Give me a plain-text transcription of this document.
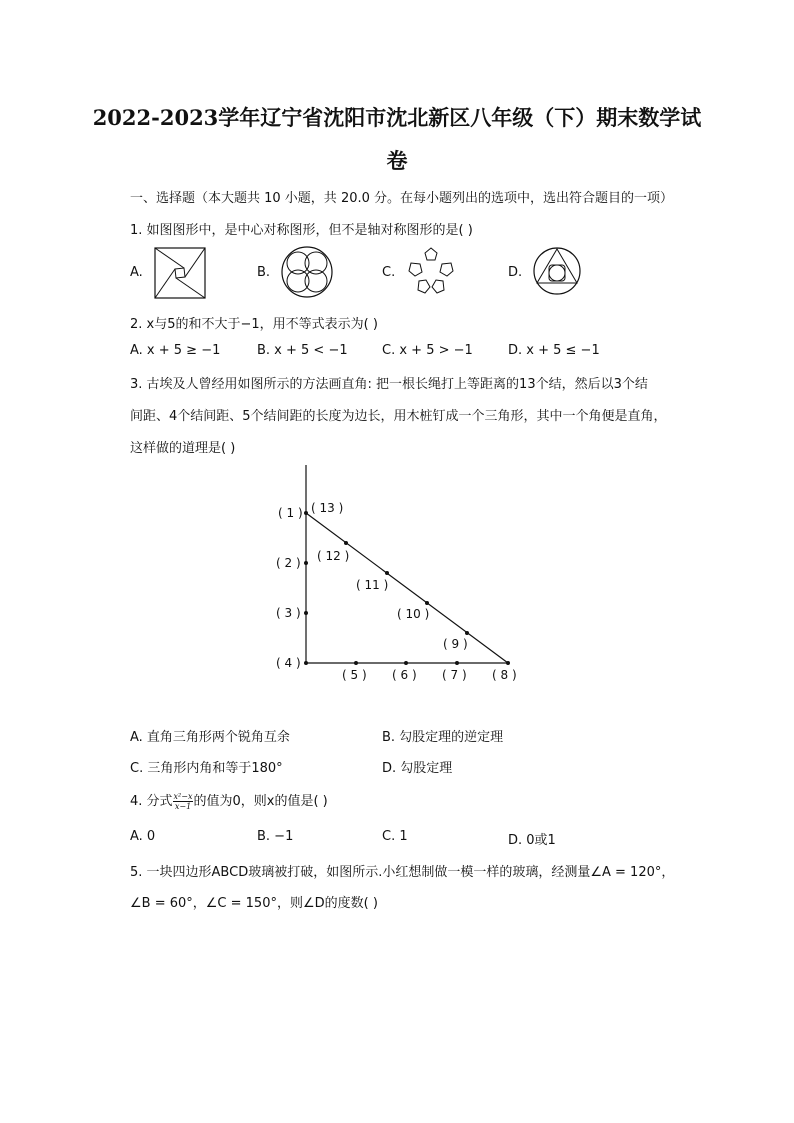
2022-2023学年辽宁省沈阳市沈北新区八年级（下）期末数学试
卷
一、选择题（本大题共 10 小题，共 20.0 分。在每小题列出的选项中，选出符合题目的一项）
1. 如图图形中，是中心对称图形，但不是轴对称图形的是( )
A.	B.	C.	D.
2. x与5的和不大于−1，用不等式表示为( )
A. x + 5 ≥ −1	B. x + 5 < −1	C. x + 5 > −1	D. x + 5 ≤ −1
3. 古埃及人曾经用如图所示的方法画直角: 把一根长绳打上等距离的13个结，然后以3个结
间距、4个结间距、5个结间距的长度为边长，用木桩钉成一个三角形，其中一个角便是直角，
这样做的道理是( )
( 1 ) ( 13 )
( 2 ) ( 12 )
( 11 )
( 3 )	( 10 )
( 9 )
( 4 )
( 5 ) ( 6 ) ( 7 ) ( 8 )
A. 直角三角形两个锐角互余	B. 勾股定理的逆定理
C. 三角形内角和等于180°	D. 勾股定理
4. 分式 $\frac{\text{x²−x}}{x-1}$ 的值为0，则x的值是( )
A. 0	B. −1	C. 1	D. 0或1
5. 一块四边形ABCD玻璃被打破，如图所示.小红想制做一模一样的玻璃，经测量∠A = 120°，
∠B = 60°，∠C = 150°，则∠D的度数( )
